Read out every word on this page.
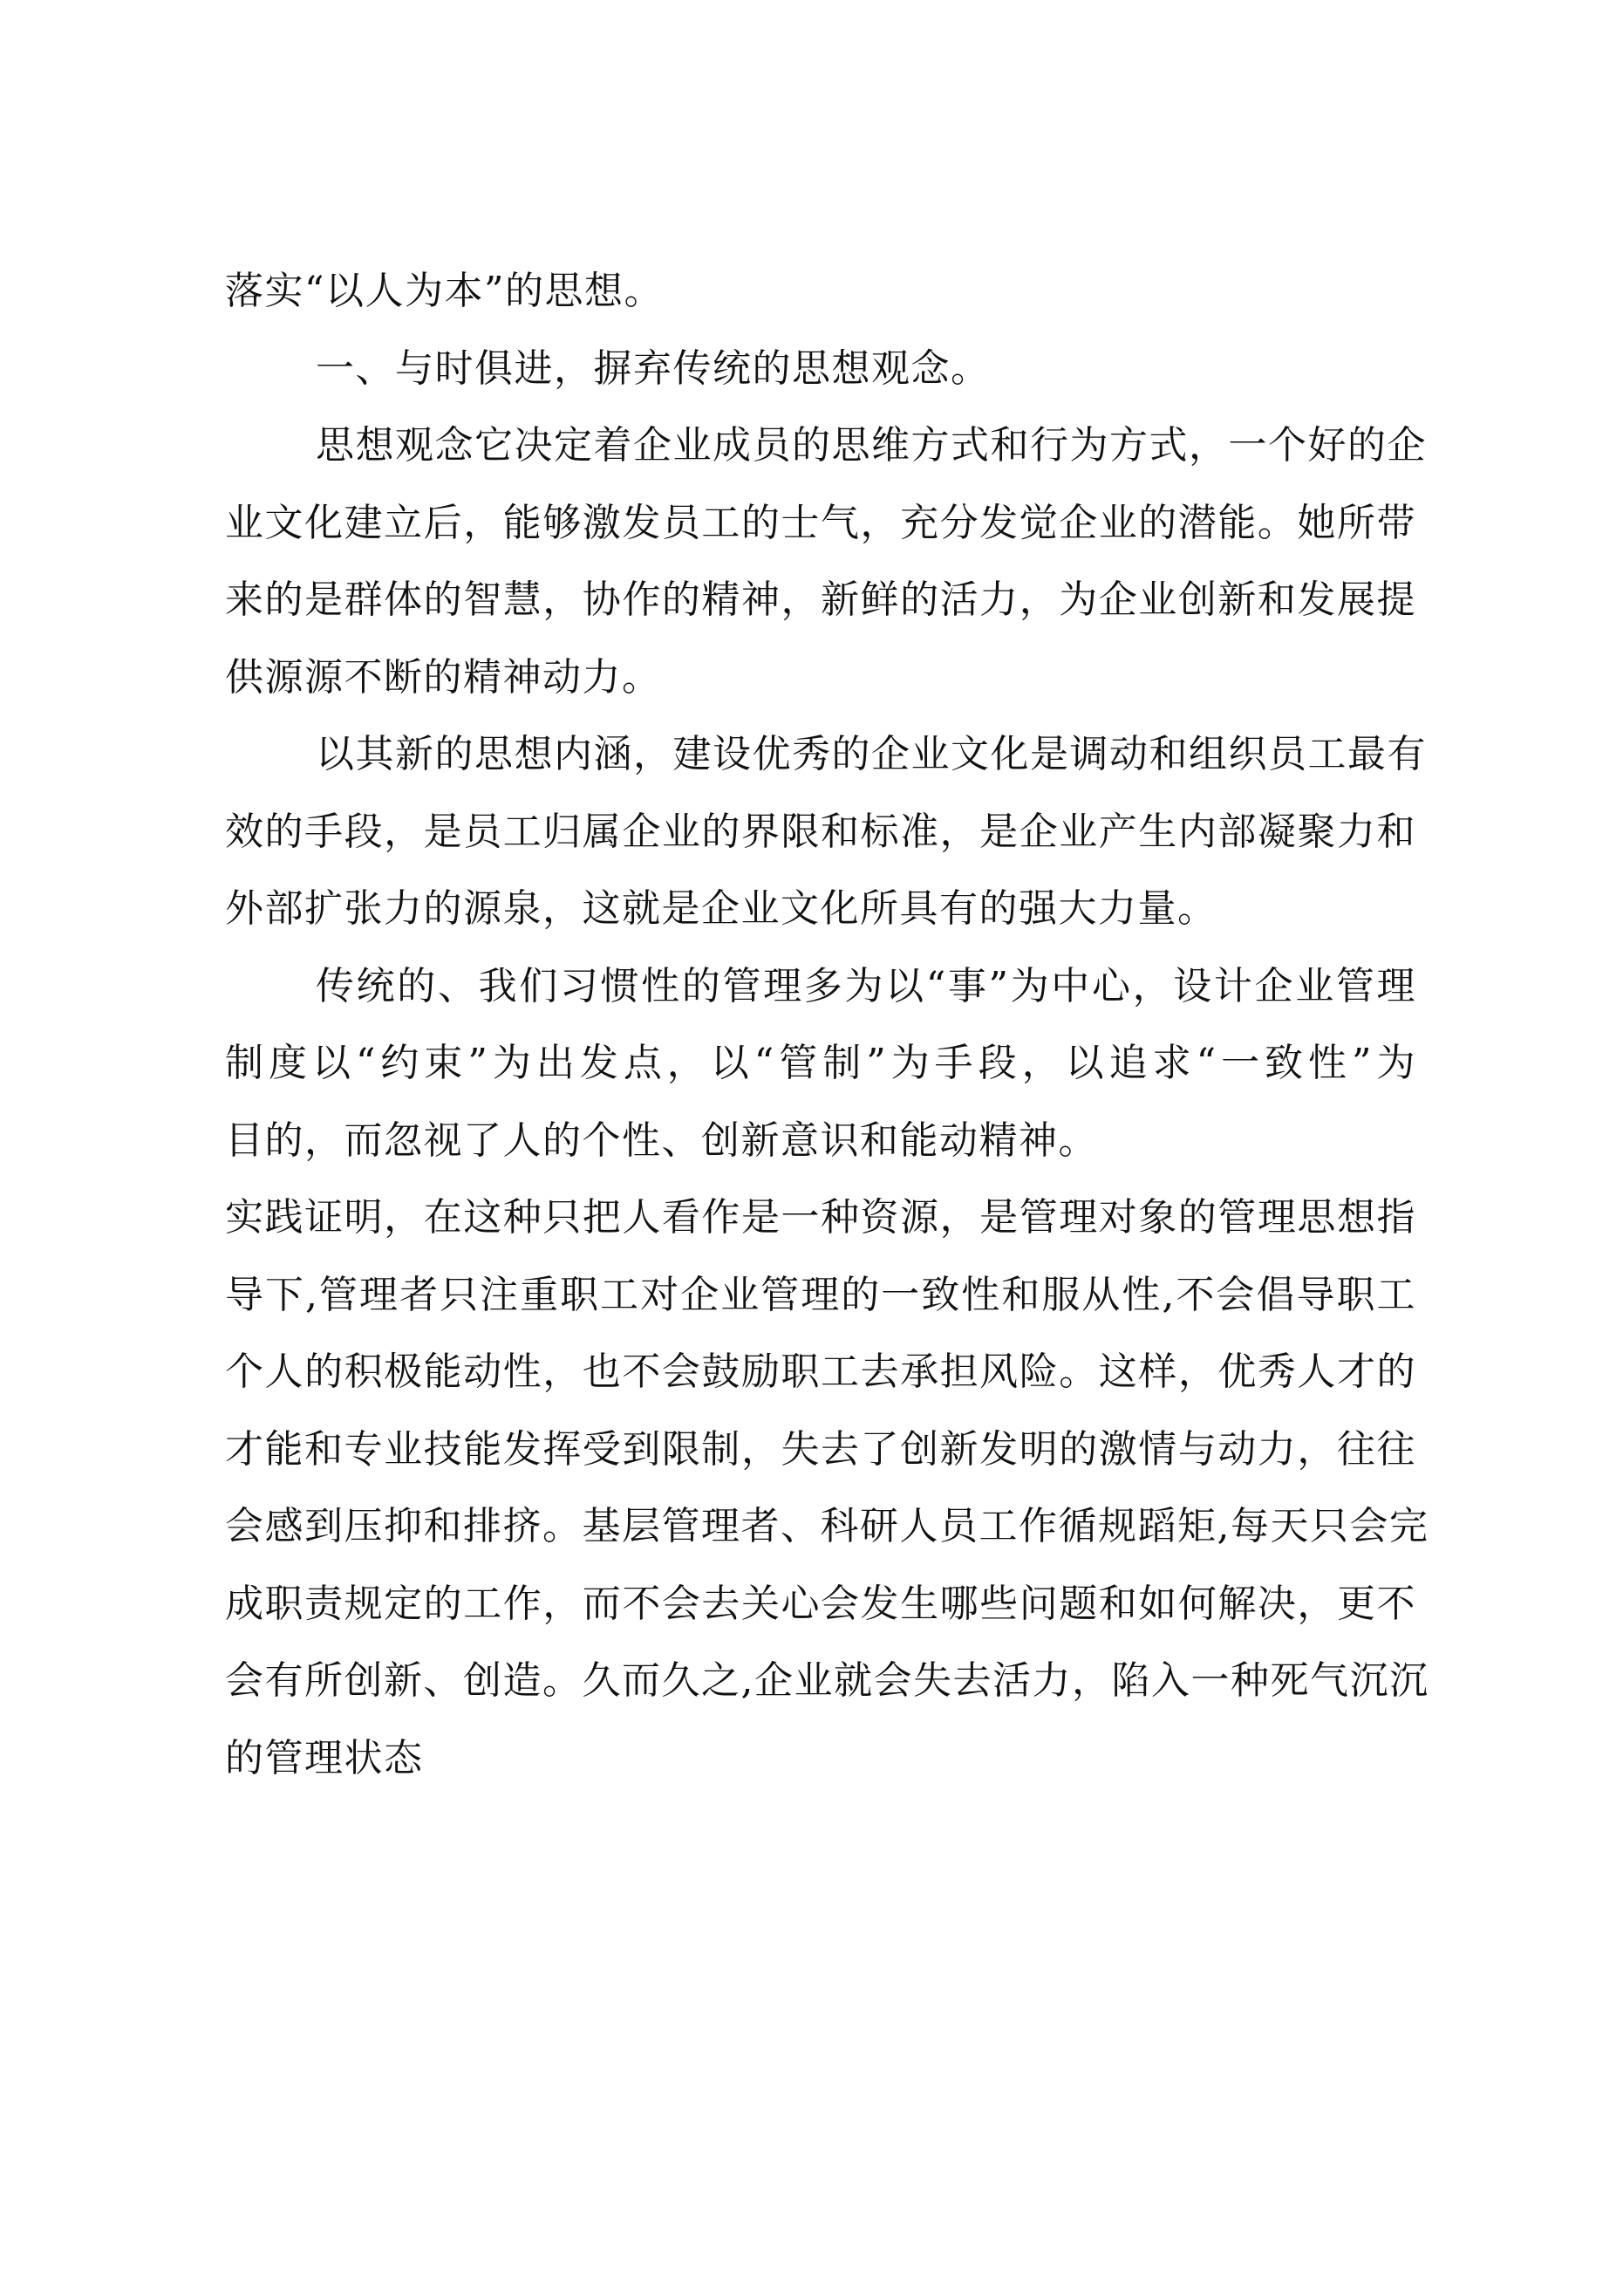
落实“以人为本”的思想。

一、与时俱进，摒弃传统的思想观念。

思想观念它决定着企业成员的思维方式和行为方式，一个好的企
业文化建立后，能够激发员工的士气，充分发觉企业的潜能。她所带
来的是群体的智慧，协作的精神，新鲜的活力，为企业创新和发展提
供源源不断的精神动力。

以其新的思想内涵，建设优秀的企业文化是调动和组织员工最有
效的手段，是员工归属企业的界限和标准，是企业产生内部凝聚力和
外部扩张力的源泉，这就是企业文化所具有的强大力量。

传统的、我们习惯性的管理多为以“事”为中心，设计企业管理
制度以“约束”为出发点，以“管制”为手段，以追求“一致性”为
目的，而忽视了人的个性、创新意识和能动精神。

实践证明，在这种只把人看作是一种资源，是管理对象的管理思想指
导下,管理者只注重职工对企业管理的一致性和服从性,不会倡导职工
个人的积极能动性，也不会鼓励职工去承担风险。这样，优秀人才的
才能和专业技能发挥受到限制，失去了创新发明的激情与动力，往往
会感到压抑和排挤。基层管理者、科研人员工作循规蹈矩,每天只会完
成职责规定的工作，而不会去关心会发生哪些问题和如何解决，更不
会有所创新、创造。久而久之,企业就会失去活力，陷入一种死气沉沉
的管理状态
